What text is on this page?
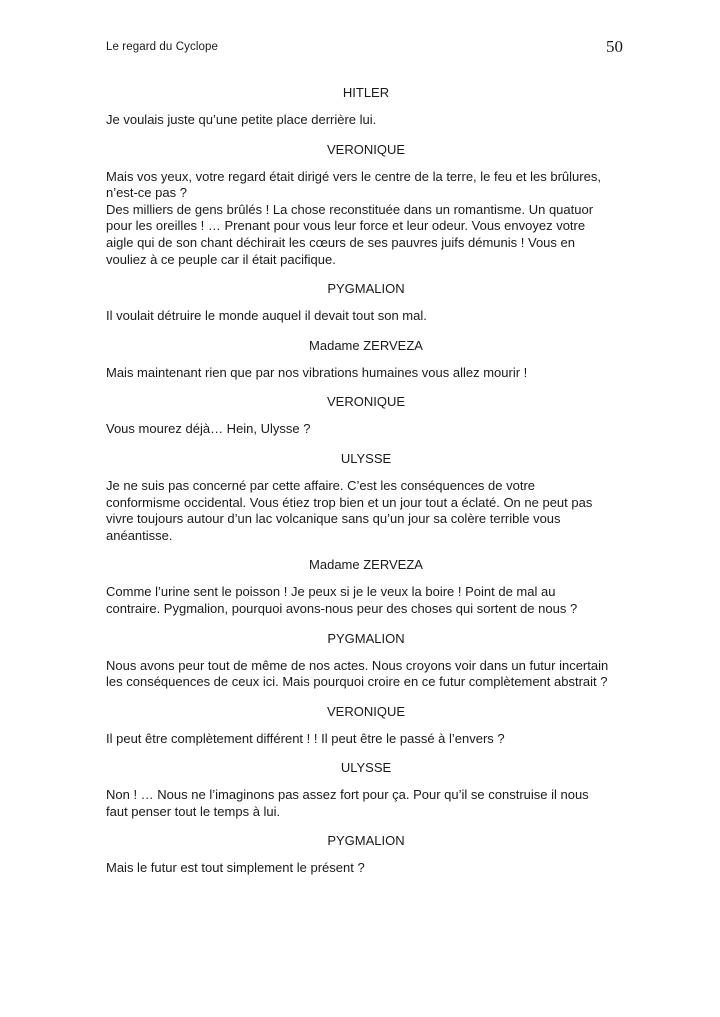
Le regard du Cyclope	50
HITLER
Je voulais juste qu’une petite place derrière lui.
VERONIQUE
Mais vos yeux, votre regard était dirigé vers le centre de la terre, le feu et les brûlures,
n’est-ce pas ?
Des milliers de gens brûlés ! La chose reconstituée dans un romantisme. Un quatuor
pour les oreilles ! … Prenant pour vous leur force et leur odeur. Vous envoyez votre
aigle qui de son chant déchirait les cœurs de ses pauvres juifs démunis ! Vous en
vouliez à ce peuple car il était pacifique.
PYGMALION
Il voulait détruire le monde auquel il devait tout son mal.
Madame ZERVEZA
Mais maintenant rien que par nos vibrations humaines vous allez mourir !
VERONIQUE
Vous mourez déjà… Hein, Ulysse ?
ULYSSE
Je ne suis pas concerné par cette affaire. C’est les conséquences de votre
conformisme occidental. Vous étiez trop bien et un jour tout a éclaté. On ne peut pas
vivre toujours autour d’un lac volcanique sans qu’un jour sa colère terrible vous
anéantisse.
Madame ZERVEZA
Comme l’urine sent le poisson ! Je peux si je le veux la boire ! Point de mal au
contraire. Pygmalion, pourquoi avons-nous peur des choses qui sortent de nous ?
PYGMALION
Nous avons peur tout de même de nos actes. Nous croyons voir dans un futur incertain
les conséquences de ceux ici. Mais pourquoi croire en ce futur complètement abstrait ?
VERONIQUE
Il peut être complètement différent ! ! Il peut être le passé à l’envers ?
ULYSSE
Non ! … Nous ne l’imaginons pas assez fort pour ça. Pour qu’il se construise il nous
faut penser tout le temps à lui.
PYGMALION
Mais le futur est tout simplement le présent ?
